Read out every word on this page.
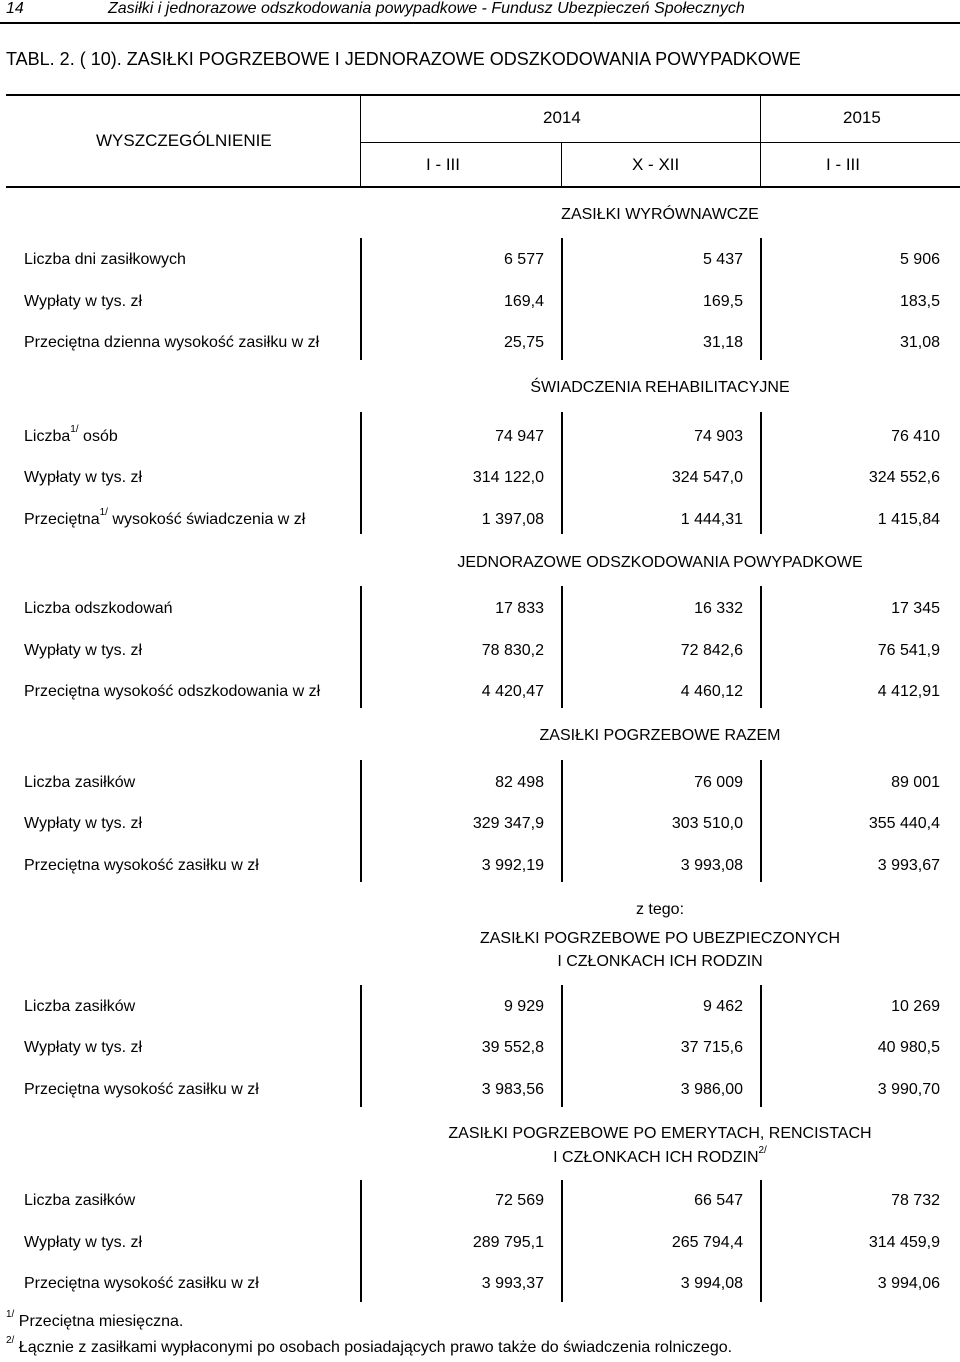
14	Zasiłki i jednorazowe odszkodowania powypadkowe - Fundusz Ubezpieczeń Społecznych
TABL. 2. ( 10). ZASIŁKI POGRZEBOWE I JEDNORAZOWE ODSZKODOWANIA POWYPADKOWE
WYSZCZEGÓLNIENIE
2014	2015
I - III	X - XII	I - III
ZASIŁKI WYRÓWNAWCZE
Liczba dni zasiłkowych	6 577	5 437	5 906
Wypłaty w tys. zł	169,4	169,5	183,5
Przeciętna dzienna wysokość zasiłku w zł	25,75	31,18	31,08
ŚWIADCZENIA REHABILITACYJNE
Liczba$^{1/}$ osób	74 947	74 903	76 410
Wypłaty w tys. zł	314 122,0	324 547,0	324 552,6
Przeciętna$^{1/}$ wysokość świadczenia w zł	1 397,08	1 444,31	1 415,84
JEDNORAZOWE ODSZKODOWANIA POWYPADKOWE
Liczba odszkodowań	17 833	16 332	17 345
Wypłaty w tys. zł	78 830,2	72 842,6	76 541,9
Przeciętna wysokość odszkodowania w zł	4 420,47	4 460,12	4 412,91
ZASIŁKI POGRZEBOWE RAZEM
Liczba zasiłków	82 498	76 009	89 001
Wypłaty w tys. zł	329 347,9	303 510,0	355 440,4
Przeciętna wysokość zasiłku w zł	3 992,19	3 993,08	3 993,67
z tego:
ZASIŁKI POGRZEBOWE PO UBEZPIECZONYCH
I CZŁONKACH ICH RODZIN
Liczba zasiłków	9 929	9 462	10 269
Wypłaty w tys. zł	39 552,8	37 715,6	40 980,5
Przeciętna wysokość zasiłku w zł	3 983,56	3 986,00	3 990,70
ZASIŁKI POGRZEBOWE PO EMERYTACH, RENCISTACH
I CZŁONKACH ICH $RODZIN^{2/}$
Liczba zasiłków	72 569	66 547	78 732
Wypłaty w tys. zł	289 795,1	265 794,4	314 459,9
Przeciętna wysokość zasiłku w zł	3 993,37	3 994,08	3 994,06
$^{1/}$ Przeciętna miesięczna.
$^{2/}$ Łącznie z zasiłkami wypłaconymi po osobach posiadających prawo także do świadczenia rolniczego.
